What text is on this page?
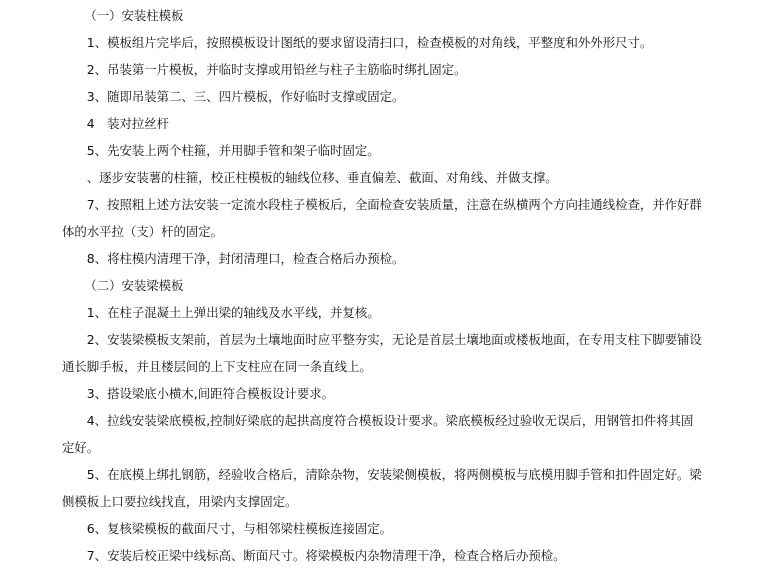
（一）安装柱模板

1、模板组片完毕后，按照模板设计图纸的要求留设清扫口，检查模板的对角线，平整度和外外形尺寸。

2、吊装第一片模板，并临时支撑或用铅丝与柱子主筋临时绑扎固定。

3、随即吊装第二、三、四片模板，作好临时支撑或固定。

4　装对拉丝杆

5、先安装上两个柱箍，并用脚手管和架子临时固定。

、逐步安装薯的柱箍，校正柱模板的轴线位移、垂直偏差、截面、对角线、并做支撑。

7、按照粗上述方法安装一定流水段柱子模板后，全面检查安装质量，注意在纵横两个方向挂通线检查，并作好群体的水平拉（支）杆的固定。

8、将柱模内清理干净，封闭清理口，检查合格后办预检。

（二）安装梁模板

1、在柱子混凝土上弹出梁的轴线及水平线，并复核。

2、安装梁模板支架前，首层为土壤地面时应平整夯实，无论是首层土壤地面或楼板地面，在专用支柱下脚要铺设通长脚手板，并且楼层间的上下支柱应在同一条直线上。

3、搭设梁底小横木,间距符合模板设计要求。

4、拉线安装梁底模板,控制好梁底的起拱高度符合模板设计要求。梁底模板经过验收无误后，用钢管扣件将其固定好。

5、在底模上绑扎钢筋，经验收合格后，清除杂物，安装梁侧模板，将两侧模板与底模用脚手管和扣件固定好。梁侧模板上口要拉线找直，用梁内支撑固定。

6、复核梁模板的截面尺寸，与相邻梁柱模板连接固定。

7、安装后校正梁中线标高、断面尺寸。将梁模板内杂物清理干净，检查合格后办预检。
